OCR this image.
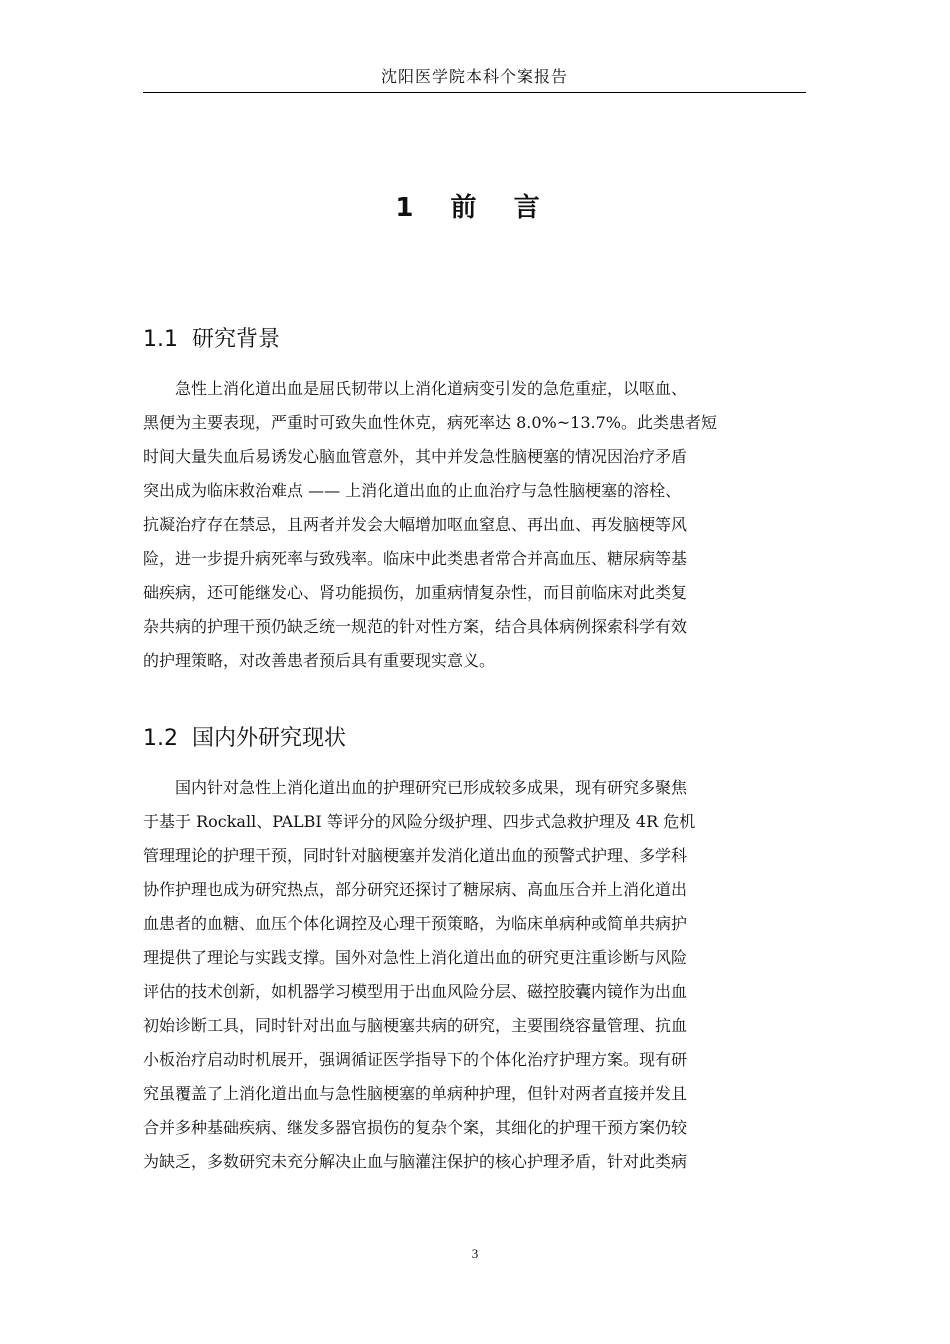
沈阳医学院本科个案报告
1 前 言
1.1 研究背景
急性上消化道出血是屈氏韧带以上消化道病变引发的急危重症，以呕血、
黑便为主要表现，严重时可致失血性休克，病死率达 8.0%~13.7%。此类患者短
时间大量失血后易诱发心脑血管意外，其中并发急性脑梗塞的情况因治疗矛盾
突出成为临床救治难点 —— 上消化道出血的止血治疗与急性脑梗塞的溶栓、
抗凝治疗存在禁忌，且两者并发会大幅增加呕血窒息、再出血、再发脑梗等风
险，进一步提升病死率与致残率。临床中此类患者常合并高血压、糖尿病等基
础疾病，还可能继发心、肾功能损伤，加重病情复杂性，而目前临床对此类复
杂共病的护理干预仍缺乏统一规范的针对性方案，结合具体病例探索科学有效
的护理策略，对改善患者预后具有重要现实意义。
1.2 国内外研究现状
国内针对急性上消化道出血的护理研究已形成较多成果，现有研究多聚焦
于基于 Rockall、PALBI 等评分的风险分级护理、四步式急救护理及 4R 危机
管理理论的护理干预，同时针对脑梗塞并发消化道出血的预警式护理、多学科
协作护理也成为研究热点，部分研究还探讨了糖尿病、高血压合并上消化道出
血患者的血糖、血压个体化调控及心理干预策略，为临床单病种或简单共病护
理提供了理论与实践支撑。国外对急性上消化道出血的研究更注重诊断与风险
评估的技术创新，如机器学习模型用于出血风险分层、磁控胶囊内镜作为出血
初始诊断工具，同时针对出血与脑梗塞共病的研究，主要围绕容量管理、抗血
小板治疗启动时机展开，强调循证医学指导下的个体化治疗护理方案。现有研
究虽覆盖了上消化道出血与急性脑梗塞的单病种护理，但针对两者直接并发且
合并多种基础疾病、继发多器官损伤的复杂个案，其细化的护理干预方案仍较
为缺乏，多数研究未充分解决止血与脑灌注保护的核心护理矛盾，针对此类病
3
